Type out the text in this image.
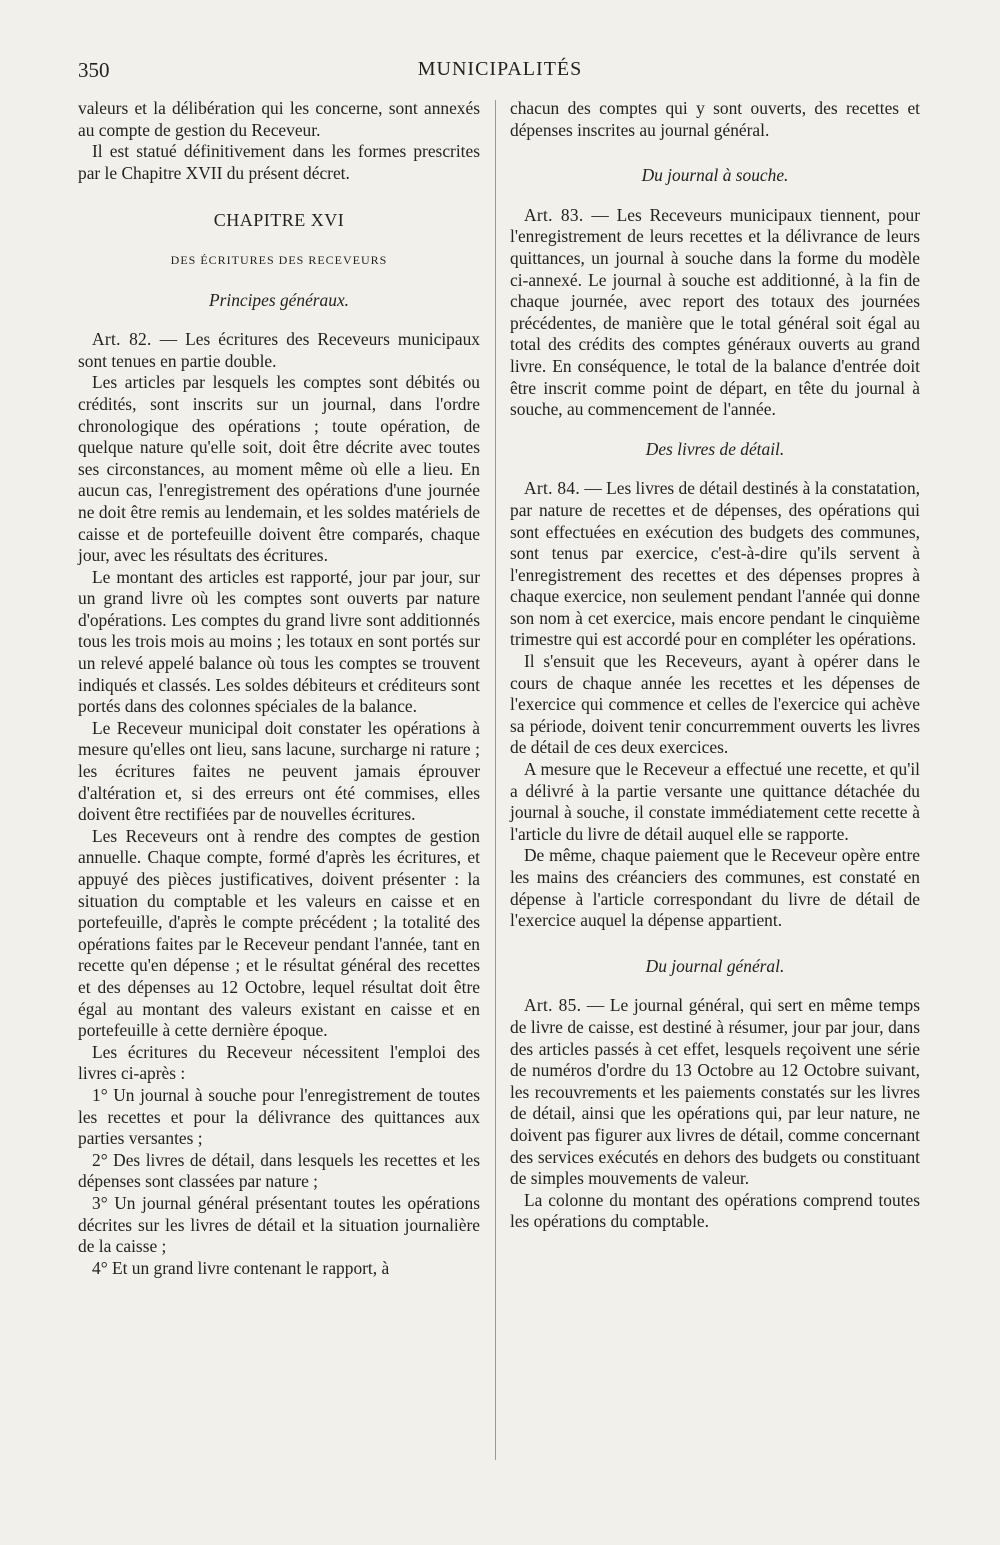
350	MUNICIPALITÉS

valeurs et la délibération qui les concerne, sont annexés au compte de gestion du Receveur.

Il est statué définitivement dans les formes prescrites par le Chapitre XVII du présent décret.

CHAPITRE XVI
DES ÉCRITURES DES RECEVEURS
Principes généraux.

Art. 82. — Les écritures des Receveurs municipaux sont tenues en partie double.

Les articles par lesquels les comptes sont débités ou crédités, sont inscrits sur un journal, dans l'ordre chronologique des opérations ; toute opération, de quelque nature qu'elle soit, doit être décrite avec toutes ses circonstances, au moment même où elle a lieu. En aucun cas, l'enregistrement des opérations d'une journée ne doit être remis au lendemain, et les soldes matériels de caisse et de portefeuille doivent être comparés, chaque jour, avec les résultats des écritures.

Le montant des articles est rapporté, jour par jour, sur un grand livre où les comptes sont ouverts par nature d'opérations. Les comptes du grand livre sont additionnés tous les trois mois au moins ; les totaux en sont portés sur un relevé appelé balance où tous les comptes se trouvent indiqués et classés. Les soldes débiteurs et créditeurs sont portés dans des colonnes spéciales de la balance.

Le Receveur municipal doit constater les opérations à mesure qu'elles ont lieu, sans lacune, surcharge ni rature ; les écritures faites ne peuvent jamais éprouver d'altération et, si des erreurs ont été commises, elles doivent être rectifiées par de nouvelles écritures.

Les Receveurs ont à rendre des comptes de gestion annuelle. Chaque compte, formé d'après les écritures, et appuyé des pièces justificatives, doivent présenter : la situation du comptable et les valeurs en caisse et en portefeuille, d'après le compte précédent ; la totalité des opérations faites par le Receveur pendant l'année, tant en recette qu'en dépense ; et le résultat général des recettes et des dépenses au 12 Octobre, lequel résultat doit être égal au montant des valeurs existant en caisse et en portefeuille à cette dernière époque.

Les écritures du Receveur nécessitent l'emploi des livres ci-après :

1° Un journal à souche pour l'enregistrement de toutes les recettes et pour la délivrance des quittances aux parties versantes ;

2° Des livres de détail, dans lesquels les recettes et les dépenses sont classées par nature ;

3° Un journal général présentant toutes les opérations décrites sur les livres de détail et la situation journalière de la caisse ;

4° Et un grand livre contenant le rapport, à

chacun des comptes qui y sont ouverts, des recettes et dépenses inscrites au journal général.

Du journal à souche.

Art. 83. — Les Receveurs municipaux tiennent, pour l'enregistrement de leurs recettes et la délivrance de leurs quittances, un journal à souche dans la forme du modèle ci-annexé. Le journal à souche est additionné, à la fin de chaque journée, avec report des totaux des journées précédentes, de manière que le total général soit égal au total des crédits des comptes généraux ouverts au grand livre. En conséquence, le total de la balance d'entrée doit être inscrit comme point de départ, en tête du journal à souche, au commencement de l'année.

Des livres de détail.

Art. 84. — Les livres de détail destinés à la constatation, par nature de recettes et de dépenses, des opérations qui sont effectuées en exécution des budgets des communes, sont tenus par exercice, c'est-à-dire qu'ils servent à l'enregistrement des recettes et des dépenses propres à chaque exercice, non seulement pendant l'année qui donne son nom à cet exercice, mais encore pendant le cinquième trimestre qui est accordé pour en compléter les opérations.

Il s'ensuit que les Receveurs, ayant à opérer dans le cours de chaque année les recettes et les dépenses de l'exercice qui commence et celles de l'exercice qui achève sa période, doivent tenir concurremment ouverts les livres de détail de ces deux exercices.

A mesure que le Receveur a effectué une recette, et qu'il a délivré à la partie versante une quittance détachée du journal à souche, il constate immédiatement cette recette à l'article du livre de détail auquel elle se rapporte.

De même, chaque paiement que le Receveur opère entre les mains des créanciers des communes, est constaté en dépense à l'article correspondant du livre de détail de l'exercice auquel la dépense appartient.

Du journal général.

Art. 85. — Le journal général, qui sert en même temps de livre de caisse, est destiné à résumer, jour par jour, dans des articles passés à cet effet, lesquels reçoivent une série de numéros d'ordre du 13 Octobre au 12 Octobre suivant, les recouvrements et les paiements constatés sur les livres de détail, ainsi que les opérations qui, par leur nature, ne doivent pas figurer aux livres de détail, comme concernant des services exécutés en dehors des budgets ou constituant de simples mouvements de valeur.

La colonne du montant des opérations comprend toutes les opérations du comptable.
